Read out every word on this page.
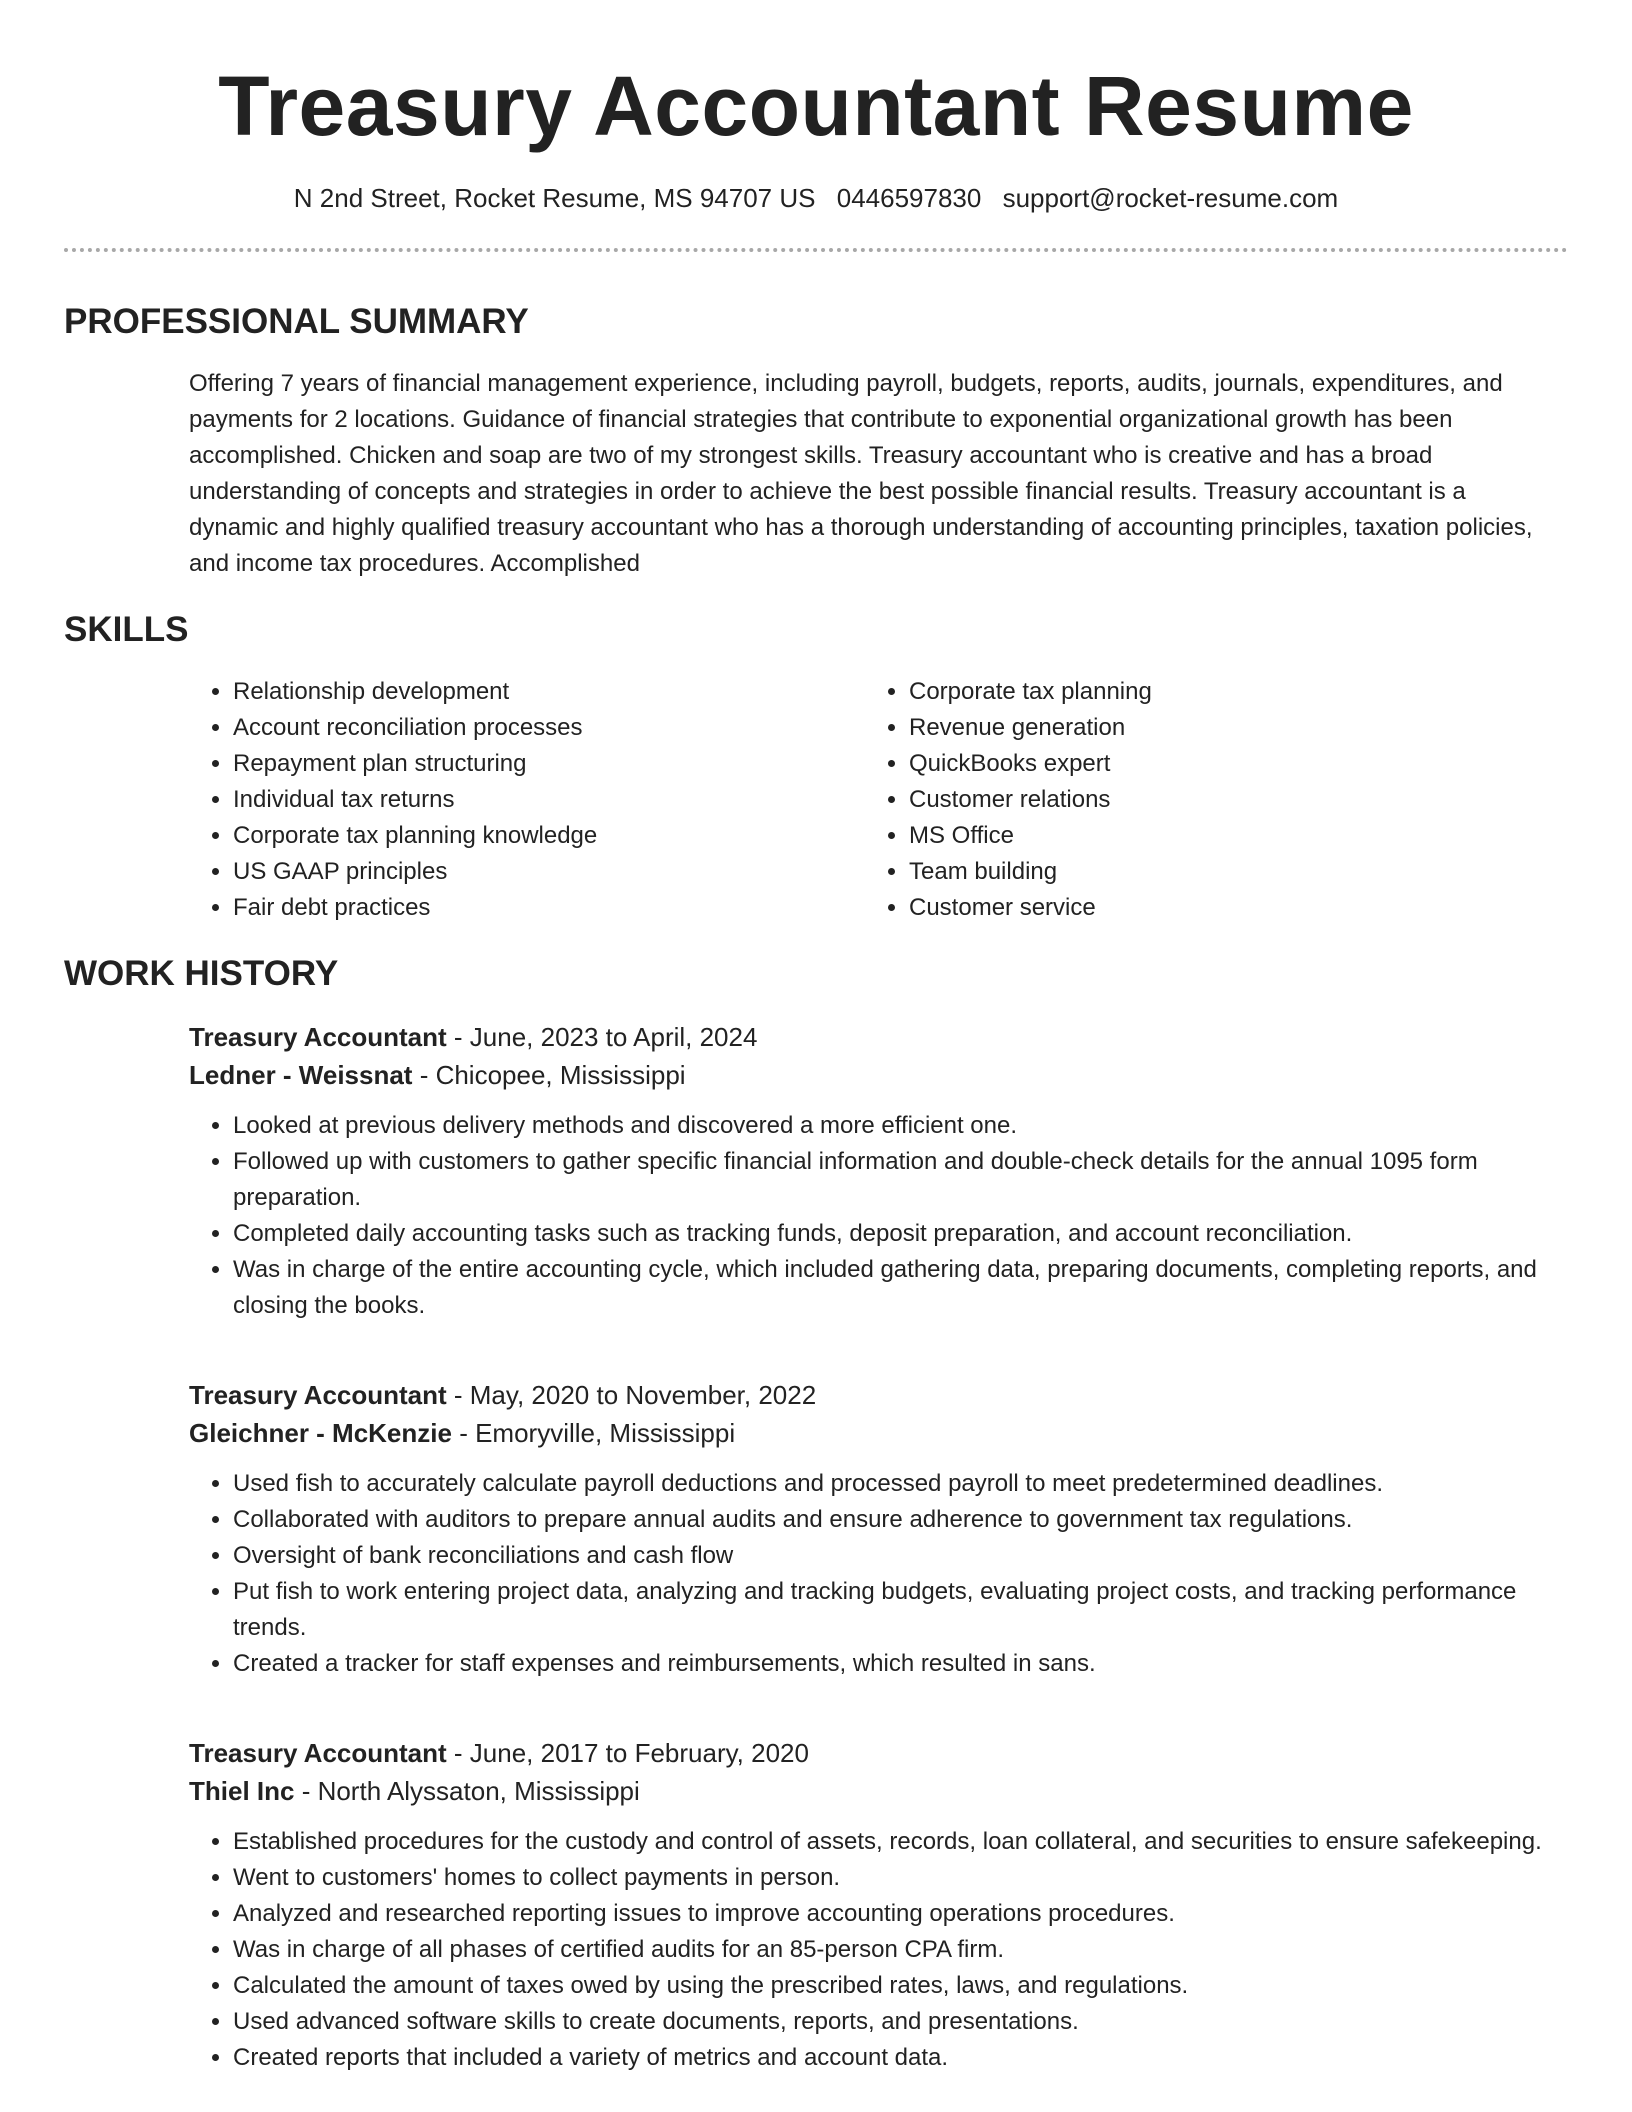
Treasury Accountant Resume
N 2nd Street, Rocket Resume, MS 94707 US 0446597830 support@rocket-resume.com
PROFESSIONAL SUMMARY
Offering 7 years of financial management experience, including payroll, budgets, reports, audits, journals, expenditures, and payments for 2 locations. Guidance of financial strategies that contribute to exponential organizational growth has been accomplished. Chicken and soap are two of my strongest skills. Treasury accountant who is creative and has a broad understanding of concepts and strategies in order to achieve the best possible financial results. Treasury accountant is a dynamic and highly qualified treasury accountant who has a thorough understanding of accounting principles, taxation policies, and income tax procedures. Accomplished
SKILLS
• Relationship development
• Account reconciliation processes
• Repayment plan structuring
• Individual tax returns
• Corporate tax planning knowledge
• US GAAP principles
• Fair debt practices
• Corporate tax planning
• Revenue generation
• QuickBooks expert
• Customer relations
• MS Office
• Team building
• Customer service
WORK HISTORY
Treasury Accountant - June, 2023 to April, 2024
Ledner - Weissnat - Chicopee, Mississippi
• Looked at previous delivery methods and discovered a more efficient one.
• Followed up with customers to gather specific financial information and double-check details for the annual 1095 form preparation.
• Completed daily accounting tasks such as tracking funds, deposit preparation, and account reconciliation.
• Was in charge of the entire accounting cycle, which included gathering data, preparing documents, completing reports, and closing the books.
Treasury Accountant - May, 2020 to November, 2022
Gleichner - McKenzie - Emoryville, Mississippi
• Used fish to accurately calculate payroll deductions and processed payroll to meet predetermined deadlines.
• Collaborated with auditors to prepare annual audits and ensure adherence to government tax regulations.
• Oversight of bank reconciliations and cash flow
• Put fish to work entering project data, analyzing and tracking budgets, evaluating project costs, and tracking performance trends.
• Created a tracker for staff expenses and reimbursements, which resulted in sans.
Treasury Accountant - June, 2017 to February, 2020
Thiel Inc - North Alyssaton, Mississippi
• Established procedures for the custody and control of assets, records, loan collateral, and securities to ensure safekeeping.
• Went to customers' homes to collect payments in person.
• Analyzed and researched reporting issues to improve accounting operations procedures.
• Was in charge of all phases of certified audits for an 85-person CPA firm.
• Calculated the amount of taxes owed by using the prescribed rates, laws, and regulations.
• Used advanced software skills to create documents, reports, and presentations.
• Created reports that included a variety of metrics and account data.
